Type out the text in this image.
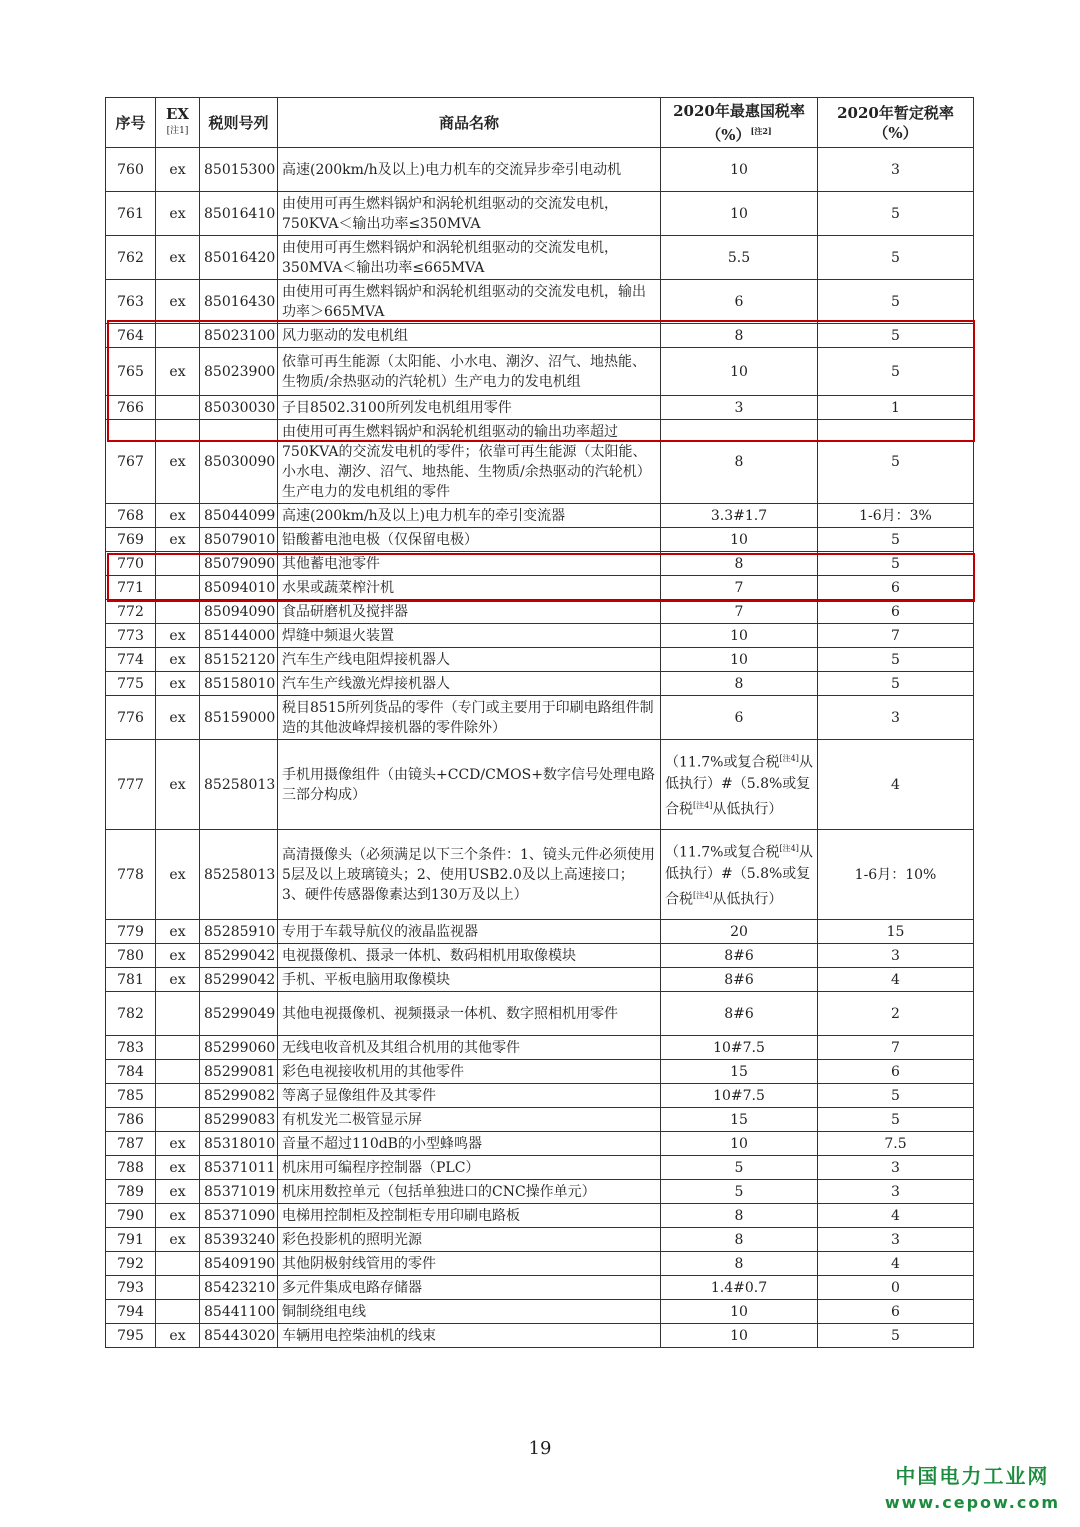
序号	EX
[注1]	税则号列	商品名称	2020年最惠国税率（%）[注2]	2020年暂定税率（%）
760	ex	85015300	高速(200km/h及以上)电力机车的交流异步牵引电动机	10	3
761	ex	85016410	由使用可再生燃料锅炉和涡轮机组驱动的交流发电机，750KVA＜输出功率≤350MVA	10	5
762	ex	85016420	由使用可再生燃料锅炉和涡轮机组驱动的交流发电机，350MVA＜输出功率≤665MVA	5.5	5
763	ex	85016430	由使用可再生燃料锅炉和涡轮机组驱动的交流发电机，输出功率＞665MVA	6	5
764		85023100	风力驱动的发电机组	8	5
765	ex	85023900	依靠可再生能源（太阳能、小水电、潮汐、沼气、地热能、生物质/余热驱动的汽轮机）生产电力的发电机组	10	5
766		85030030	子目8502.3100所列发电机组用零件	3	1
767	ex	85030090	由使用可再生燃料锅炉和涡轮机组驱动的输出功率超过750KVA的交流发电机的零件；依靠可再生能源（太阳能、小水电、潮汐、沼气、地热能、生物质/余热驱动的汽轮机）生产电力的发电机组的零件	8	5
768	ex	85044099	高速(200km/h及以上)电力机车的牵引变流器	3.3#1.7	1-6月：3%
769	ex	85079010	铅酸蓄电池电极（仅保留电极）	10	5
770		85079090	其他蓄电池零件	8	5
771		85094010	水果或蔬菜榨汁机	7	6
772		85094090	食品研磨机及搅拌器	7	6
773	ex	85144000	焊缝中频退火装置	10	7
774	ex	85152120	汽车生产线电阻焊接机器人	10	5
775	ex	85158010	汽车生产线激光焊接机器人	8	5
776	ex	85159000	税目8515所列货品的零件（专门或主要用于印刷电路组件制造的其他波峰焊接机器的零件除外）	6	3
777	ex	85258013	手机用摄像组件（由镜头+CCD/CMOS+数字信号处理电路三部分构成）	（11.7%或复合税[注4]从低执行）#（5.8%或复合税[注4]从低执行）	4
778	ex	85258013	高清摄像头（必须满足以下三个条件：1、镜头元件必须使用5层及以上玻璃镜头；2、使用USB2.0及以上高速接口；3、硬件传感器像素达到130万及以上）	（11.7%或复合税[注4]从低执行）#（5.8%或复合税[注4]从低执行）	1-6月：10%
779	ex	85285910	专用于车载导航仪的液晶监视器	20	15
780	ex	85299042	电视摄像机、摄录一体机、数码相机用取像模块	8#6	3
781	ex	85299042	手机、平板电脑用取像模块	8#6	4
782		85299049	其他电视摄像机、视频摄录一体机、数字照相机用零件	8#6	2
783		85299060	无线电收音机及其组合机用的其他零件	10#7.5	7
784		85299081	彩色电视接收机用的其他零件	15	6
785		85299082	等离子显像组件及其零件	10#7.5	5
786		85299083	有机发光二极管显示屏	15	5
787	ex	85318010	音量不超过110dB的小型蜂鸣器	10	7.5
788	ex	85371011	机床用可编程序控制器（PLC）	5	3
789	ex	85371019	机床用数控单元（包括单独进口的CNC操作单元）	5	3
790	ex	85371090	电梯用控制柜及控制柜专用印刷电路板	8	4
791	ex	85393240	彩色投影机的照明光源	8	3
792		85409190	其他阴极射线管用的零件	8	4
793		85423210	多元件集成电路存储器	1.4#0.7	0
794		85441100	铜制绕组电线	10	6
795	ex	85443020	车辆用电控柴油机的线束	10	5
19
中国电力工业网
www.cepow.com
